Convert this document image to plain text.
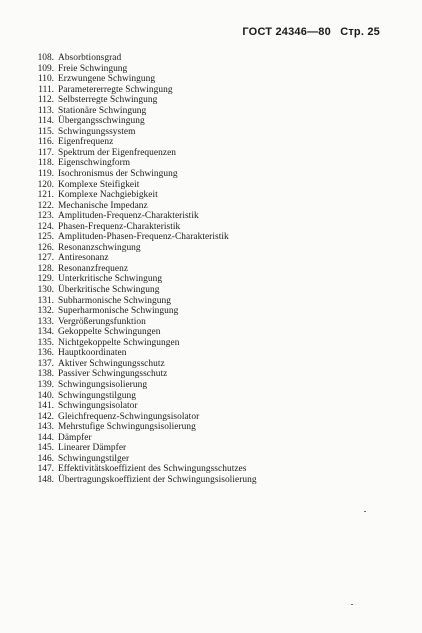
ГОСТ 24346—80 Стр. 25
108. Absorbtionsgrad
109. Freie Schwingung
110. Erzwungene Schwingung
111. Parametererregte Schwingung
112. Selbsterregte Schwingung
113. Stationäre Schwingung
114. Übergangsschwingung
115. Schwingungssystem
116. Eigenfrequenz
117. Spektrum der Eigenfrequenzen
118. Eigenschwingform
119. Isochronismus der Schwingung
120. Komplexe Steifigkeit
121. Komplexe Nachgiebigkeit
122. Mechanische Impedanz
123. Amplituden-Frequenz-Charakteristik
124. Phasen-Frequenz-Charakteristik
125. Amplituden-Phasen-Frequenz-Charakteristik
126. Resonanzschwingung
127. Antiresonanz
128. Resonanzfrequenz
129. Unterkritische Schwingung
130. Überkritische Schwingung
131. Subharmonische Schwingung
132. Superharmonische Schwingung
133. Vergrößerungsfunktion
134. Gekoppelte Schwingungen
135. Nichtgekoppelte Schwingungen
136. Hauptkoordinaten
137. Aktiver Schwingungsschutz
138. Passiver Schwingungsschutz
139. Schwingungsisolierung
140. Schwingungstilgung
141. Schwingungsisolator
142. Gleichfrequenz-Schwingungsisolator
143. Mehrstufige Schwingungsisolierung
144. Dämpfer
145. Linearer Dämpfer
146. Schwingungstilger
147. Effektivitätskoeffizient des Schwingungsschutzes
148. Übertragungskoeffizient der Schwingungsisolierung
